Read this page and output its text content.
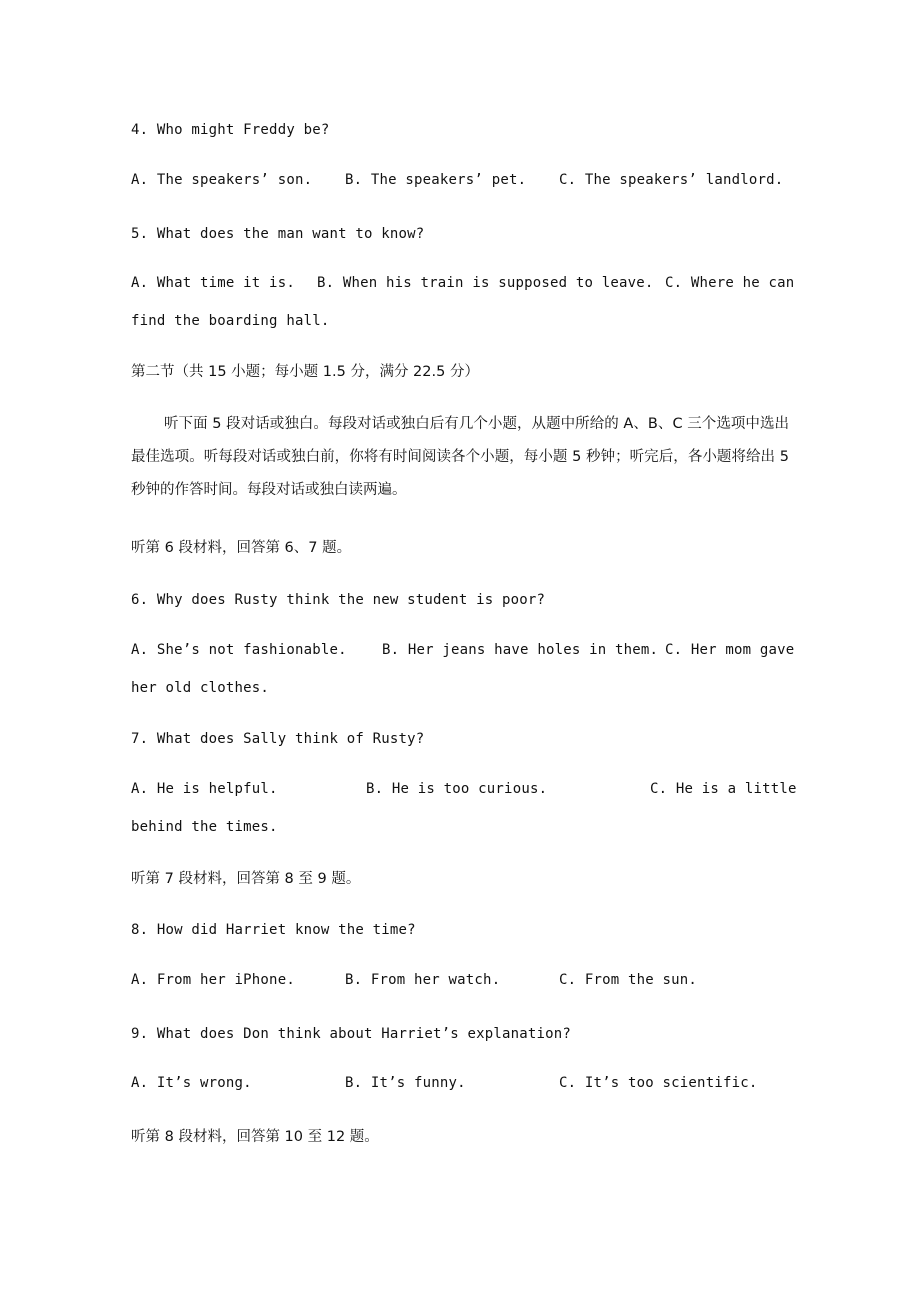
4. Who might Freddy be?
A. The speakers’ son. B. The speakers’ pet. C. The speakers’ landlord.
5. What does the man want to know?
A. What time it is. B. When his train is supposed to leave. C. Where he can
find the boarding hall.
第二节（共 15 小题；每小题 1.5 分，满分 22.5 分）
听下面 5 段对话或独白。每段对话或独白后有几个小题，从题中所给的 A、B、C 三个选项中选出最佳选项。听每段对话或独白前，你将有时间阅读各个小题，每小题 5 秒钟；听完后，各小题将给出 5 秒钟的作答时间。每段对话或独白读两遍。
听第 6 段材料，回答第 6、7 题。
6. Why does Rusty think the new student is poor?
A. She’s not fashionable.	B. Her jeans have holes in them. C. Her mom gave
her old clothes.
7. What does Sally think of Rusty?
A. He is helpful.	B. He is too curious.	C. He is a little
behind the times.
听第 7 段材料，回答第 8 至 9 题。
8. How did Harriet know the time?
A. From her iPhone.	B. From her watch.	C. From the sun.
9. What does Don think about Harriet’s explanation?
A. It’s wrong.	B. It’s funny.	C. It’s too scientific.
听第 8 段材料，回答第 10 至 12 题。
